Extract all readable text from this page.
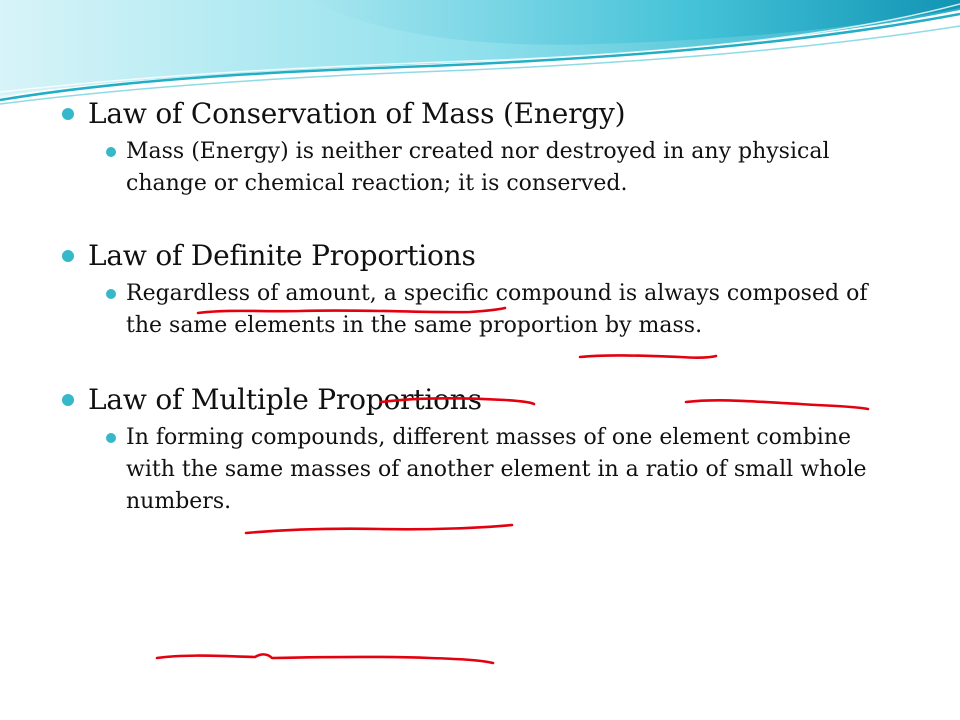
Law of Conservation of Mass (Energy)
Mass (Energy) is neither created nor destroyed in any physical change or chemical reaction; it is conserved.
Law of Definite Proportions
Regardless of amount, a specific compound is always composed of the same elements in the same proportion by mass.
Law of Multiple Proportions
In forming compounds, different masses of one element combine with the same masses of another element in a ratio of small whole numbers.
